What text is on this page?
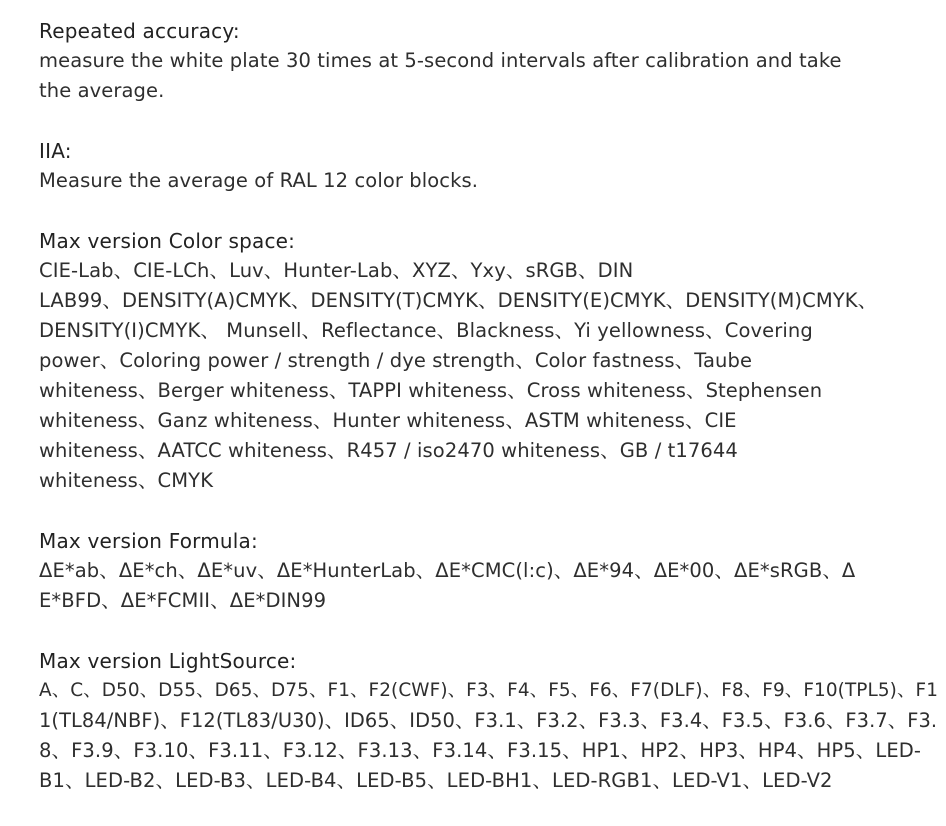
Repeated accuracy:
measure the white plate 30 times at 5-second intervals after calibration and take
the average.
IIA:
Measure the average of RAL 12 color blocks.
Max version Color space:
CIE-Lab、CIE-LCh、Luv、Hunter-Lab、XYZ、Yxy、sRGB、DIN
LAB99、DENSITY(A)CMYK、DENSITY(T)CMYK、DENSITY(E)CMYK、DENSITY(M)CMYK、
DENSITY(I)CMYK、 Munsell、Reflectance、Blackness、Yi yellowness、Covering
power、Coloring power / strength / dye strength、Color fastness、Taube
whiteness、Berger whiteness、TAPPI whiteness、Cross whiteness、Stephensen
whiteness、Ganz whiteness、Hunter whiteness、ASTM whiteness、CIE
whiteness、AATCC whiteness、R457 / iso2470 whiteness、GB / t17644
whiteness、CMYK
Max version Formula:
ΔE*ab、ΔE*ch、ΔE*uv、ΔE*HunterLab、ΔE*CMC(l:c)、ΔE*94、ΔE*00、ΔE*sRGB、Δ
E*BFD、ΔE*FCMII、ΔE*DIN99
Max version LightSource:
A、C、D50、D55、D65、D75、F1、F2(CWF)、F3、F4、F5、F6、F7(DLF)、F8、F9、F10(TPL5)、F1
1(TL84/NBF)、F12(TL83/U30)、ID65、ID50、F3.1、F3.2、F3.3、F3.4、F3.5、F3.6、F3.7、F3.
8、F3.9、F3.10、F3.11、F3.12、F3.13、F3.14、F3.15、HP1、HP2、HP3、HP4、HP5、LED-
B1、LED-B2、LED-B3、LED-B4、LED-B5、LED-BH1、LED-RGB1、LED-V1、LED-V2
